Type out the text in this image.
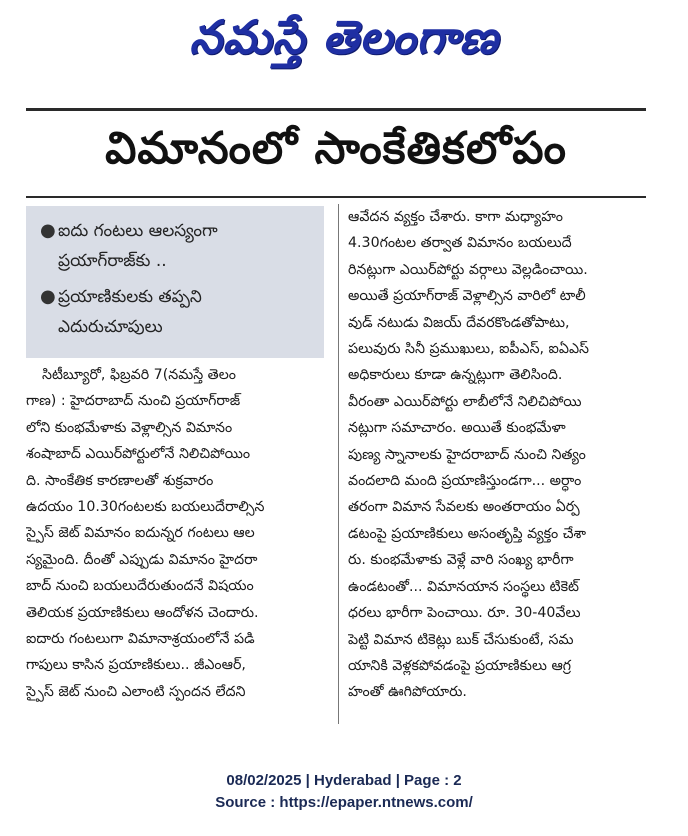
నమస్తే తెలంగాణ
విమానంలో సాంకేతికలోపం
● ఐదు గంటలు ఆలస్యంగా
ప్రయాగ్‌రాజ్‌కు ..
● ప్రయాణికులకు తప్పని
ఎదురుచూపులు
సిటీబ్యూరో, ఫిబ్రవరి 7(నమస్తే తెలం
గాణ) : హైదరాబాద్ నుంచి ప్రయాగ్‌రాజ్
లోని కుంభమేళాకు వెళ్లాల్సిన విమానం
శంషాబాద్ ఎయిర్‌పోర్టులోనే నిలిచిపోయిం
ది. సాంకేతిక కారణాలతో శుక్రవారం
ఉదయం 10.30గంటలకు బయలుదేరాల్సిన
స్పైస్ జెట్ విమానం ఐదున్నర గంటలు ఆల
స్యమైంది. దీంతో ఎప్పుడు విమానం హైదరా
బాద్ నుంచి బయలుదేరుతుందనే విషయం
తెలియక ప్రయాణికులు ఆందోళన చెందారు.
ఐదారు గంటలుగా విమానాశ్రయంలోనే పడి
గాపులు కాసిన ప్రయాణికులు.. జీఎంఆర్,
స్పైస్ జెట్ నుంచి ఎలాంటి స్పందన లేదని
ఆవేదన వ్యక్తం చేశారు. కాగా మధ్యాహం
4.30గంటల తర్వాత విమానం బయలుదే
రినట్లుగా ఎయిర్‌పోర్టు వర్గాలు వెల్లడించాయి.
అయితే ప్రయాగ్‌రాజ్ వెళ్లాల్సిన వారిలో టాలీ
వుడ్ నటుడు విజయ్ దేవరకొండతోపాటు,
పలువురు సినీ ప్రముఖులు, ఐపీఎస్, ఐఏఎస్
అధికారులు కూడా ఉన్నట్లుగా తెలిసింది.
వీరంతా ఎయిర్‌పోర్టు లాబీలోనే నిలిచిపోయి
నట్లుగా సమాచారం. అయితే కుంభమేళా
పుణ్య స్నానాలకు హైదరాబాద్ నుంచి నిత్యం
వందలాది మంది ప్రయాణిస్తుండగా... అర్ధాం
తరంగా విమాన సేవలకు అంతరాయం ఏర్ప
డటంపై ప్రయాణికులు అసంతృప్తి వ్యక్తం చేశా
రు. కుంభమేళాకు వెళ్లే వారి సంఖ్య భారీగా
ఉండటంతో... విమానయాన సంస్థలు టికెట్
ధరలు భారీగా పెంచాయి. రూ. 30-40వేలు
పెట్టి విమాన టికెట్లు బుక్ చేసుకుంటే, సమ
యానికి వెళ్లకపోవడంపై ప్రయాణికులు ఆగ్ర
హంతో ఊగిపోయారు.
08/02/2025 | Hyderabad | Page : 2
Source : https://epaper.ntnews.com/
